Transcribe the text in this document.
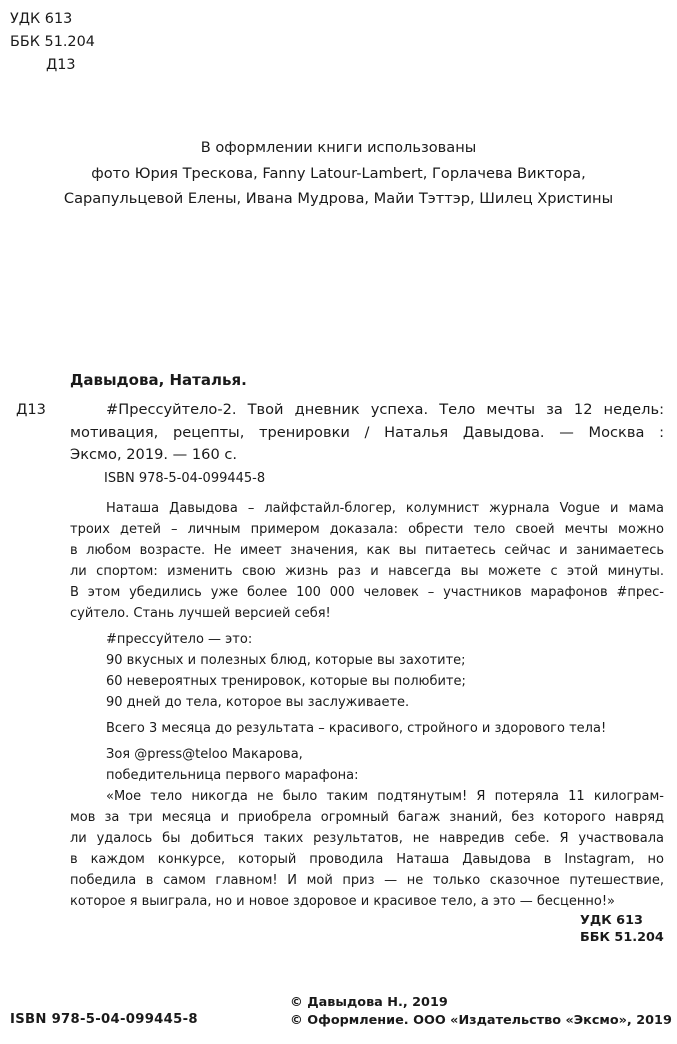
УДК 613
ББК 51.204
Д13
В оформлении книги использованы
фото Юрия Трескова, Fanny Latour-Lambert, Горлачева Виктора,
Сарапульцевой Елены, Ивана Мудрова, Майи Тэттэр, Шилец Христины
Давыдова, Наталья.
Д13	#Прессуйтело-2. Твой дневник успеха. Тело мечты за 12 недель:
мотивация, рецепты, тренировки / Наталья Давыдова. — Москва :
Эксмо, 2019. — 160 с.
ISBN 978-5-04-099445-8
Наташа Давыдова – лайфстайл-блогер, колумнист журнала Vogue и мама
троих детей – личным примером доказала: обрести тело своей мечты можно
в любом возрасте. Не имеет значения, как вы питаетесь сейчас и занимаетесь
ли спортом: изменить свою жизнь раз и навсегда вы можете с этой минуты.
В этом убедились уже более 100 000 человек – участников марафонов #прес-
суйтело. Стань лучшей версией себя!
#прессуйтело — это:
90 вкусных и полезных блюд, которые вы захотите;
60 невероятных тренировок, которые вы полюбите;
90 дней до тела, которое вы заслуживаете.
Всего 3 месяца до результата – красивого, стройного и здорового тела!
Зоя @press@teloo Макарова,
победительница первого марафона:
«Мое тело никогда не было таким подтянутым! Я потеряла 11 килограм-
мов за три месяца и приобрела огромный багаж знаний, без которого навряд
ли удалось бы добиться таких результатов, не навредив себе. Я участвовала
в каждом конкурсе, который проводила Наташа Давыдова в Instagram, но
победила в самом главном! И мой приз — не только сказочное путешествие,
которое я выиграла, но и новое здоровое и красивое тело, а это — бесценно!»
УДК 613
ББК 51.204
ISBN 978-5-04-099445-8
© Давыдова Н., 2019
© Оформление. ООО «Издательство «Эксмо», 2019
